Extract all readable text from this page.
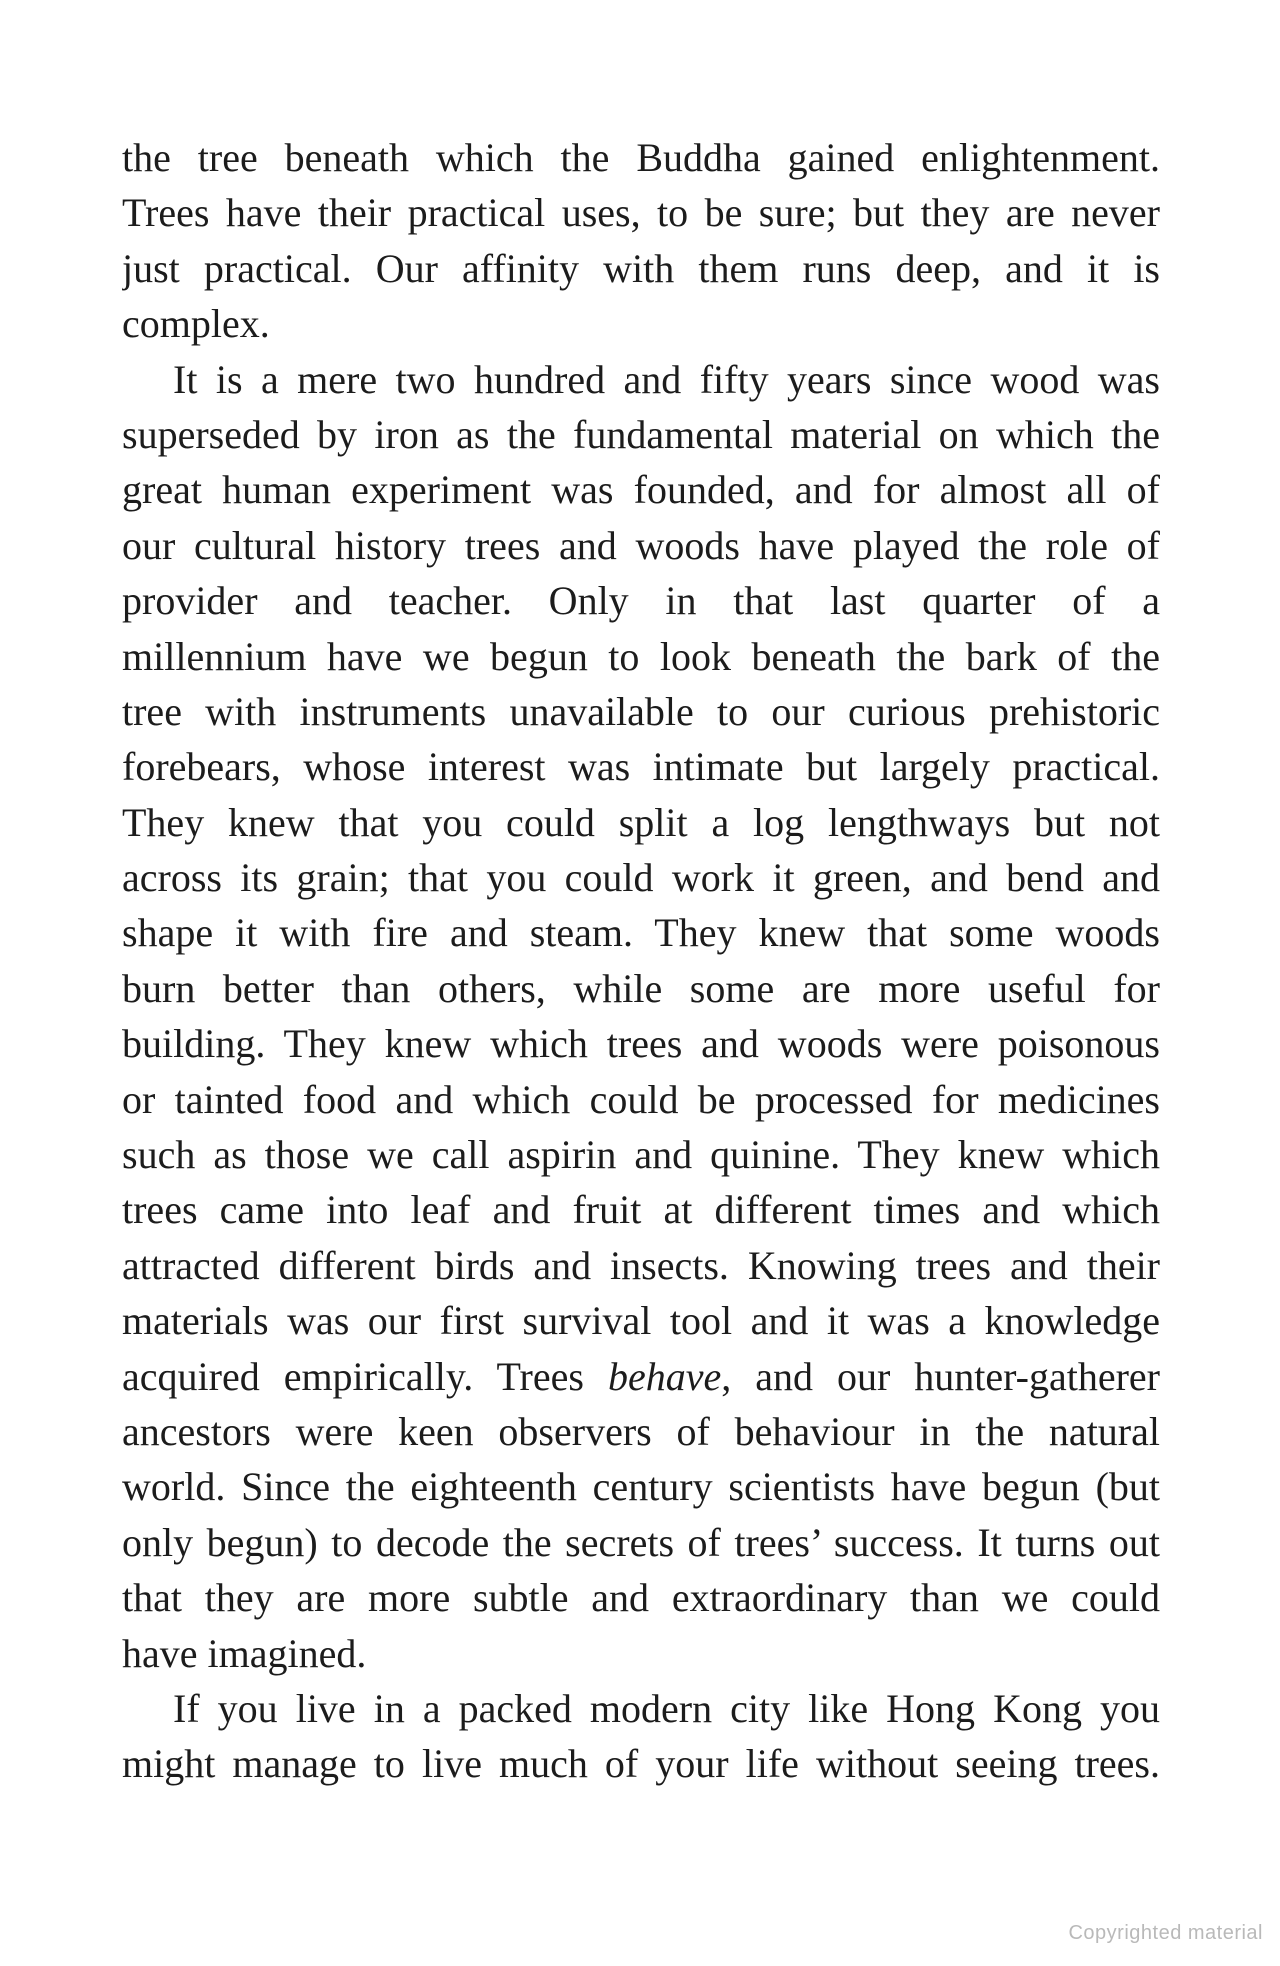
the tree beneath which the Buddha gained enlightenment.
Trees have their practical uses, to be sure; but they are never
just practical. Our affinity with them runs deep, and it is
complex.
It is a mere two hundred and fifty years since wood was
superseded by iron as the fundamental material on which the
great human experiment was founded, and for almost all of
our cultural history trees and woods have played the role of
provider and teacher. Only in that last quarter of a
millennium have we begun to look beneath the bark of the
tree with instruments unavailable to our curious prehistoric
forebears, whose interest was intimate but largely practical.
They knew that you could split a log lengthways but not
across its grain; that you could work it green, and bend and
shape it with fire and steam. They knew that some woods
burn better than others, while some are more useful for
building. They knew which trees and woods were poisonous
or tainted food and which could be processed for medicines
such as those we call aspirin and quinine. They knew which
trees came into leaf and fruit at different times and which
attracted different birds and insects. Knowing trees and their
materials was our first survival tool and it was a knowledge
acquired empirically. Trees behave, and our hunter-gatherer
ancestors were keen observers of behaviour in the natural
world. Since the eighteenth century scientists have begun (but
only begun) to decode the secrets of trees’ success. It turns out
that they are more subtle and extraordinary than we could
have imagined.
If you live in a packed modern city like Hong Kong you
might manage to live much of your life without seeing trees.
Copyrighted material
